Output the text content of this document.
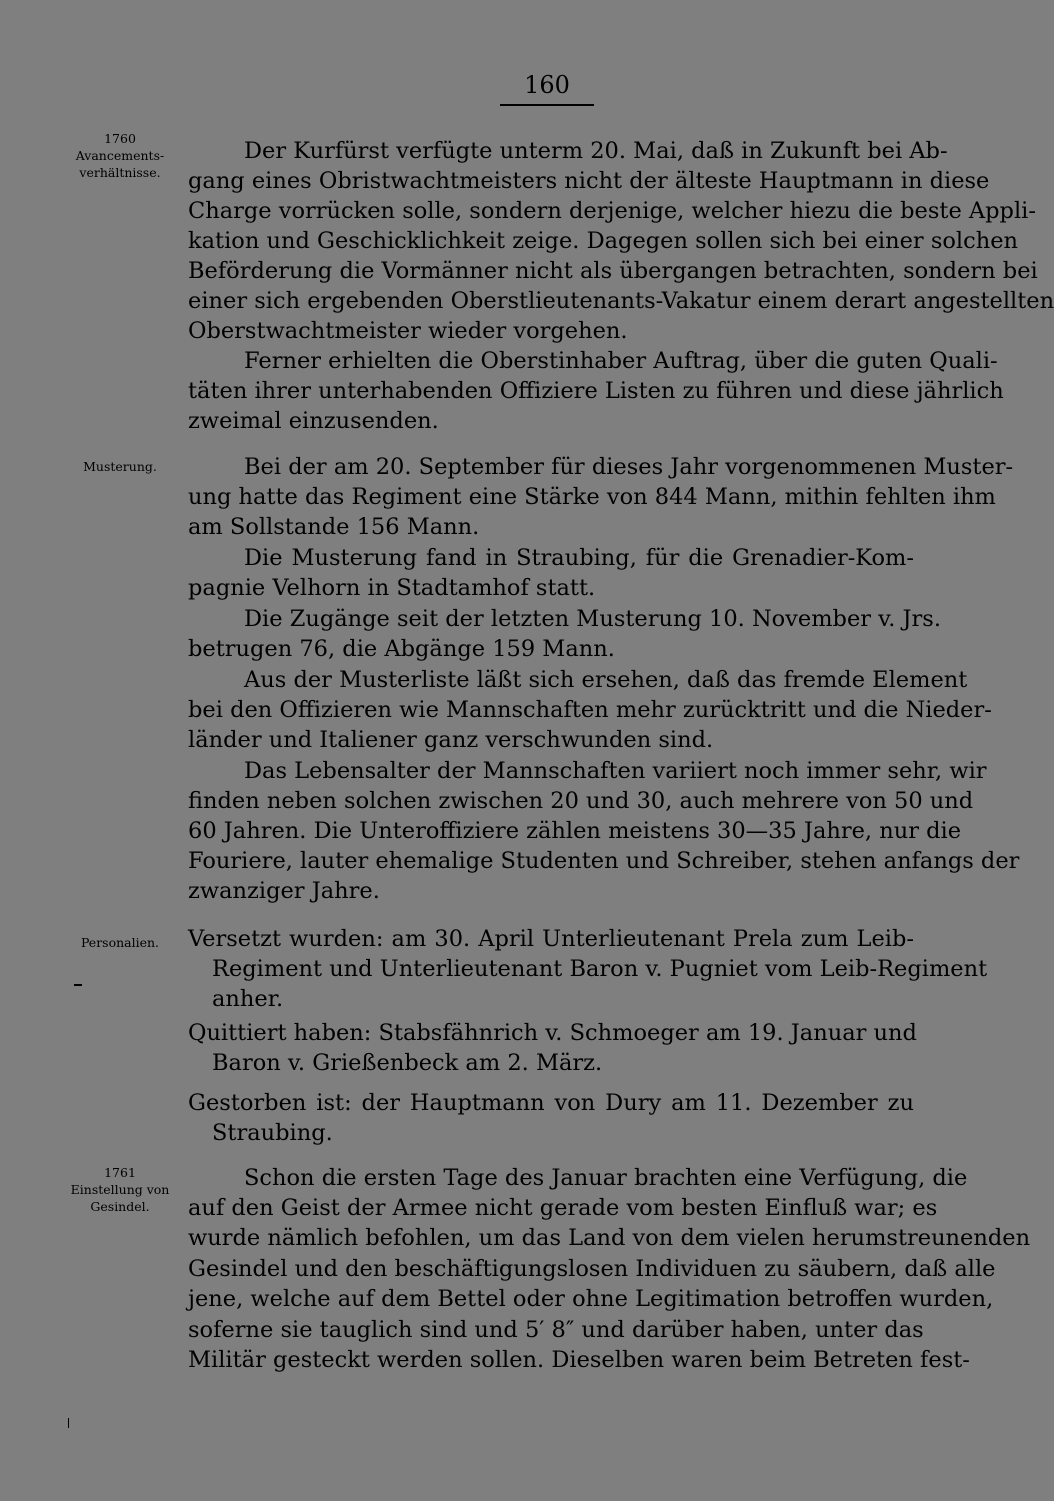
160
1760
Avancements-
verhältnisse.
Musterung.
Personalien.
1761
Einstellung von
Gesindel.
Der Kurfürst verfügte unterm 20. Mai, daß in Zukunft bei Ab-
gang eines Obristwachtmeisters nicht der älteste Hauptmann in diese
Charge vorrücken solle, sondern derjenige, welcher hiezu die beste Appli-
kation und Geschicklichkeit zeige. Dagegen sollen sich bei einer solchen
Beförderung die Vormänner nicht als übergangen betrachten, sondern bei
einer sich ergebenden Oberstlieutenants-Vakatur einem derart angestellten
Oberstwachtmeister wieder vorgehen.
Ferner erhielten die Oberstinhaber Auftrag, über die guten Quali-
täten ihrer unterhabenden Offiziere Listen zu führen und diese jährlich
zweimal einzusenden.
Bei der am 20. September für dieses Jahr vorgenommenen Muster-
ung hatte das Regiment eine Stärke von 844 Mann, mithin fehlten ihm
am Sollstande 156 Mann.
Die Musterung fand in Straubing, für die Grenadier-Kom-
pagnie Velhorn in Stadtamhof statt.
Die Zugänge seit der letzten Musterung 10. November v. Jrs.
betrugen 76, die Abgänge 159 Mann.
Aus der Musterliste läßt sich ersehen, daß das fremde Element
bei den Offizieren wie Mannschaften mehr zurücktritt und die Nieder-
länder und Italiener ganz verschwunden sind.
Das Lebensalter der Mannschaften variiert noch immer sehr, wir
finden neben solchen zwischen 20 und 30, auch mehrere von 50 und
60 Jahren. Die Unteroffiziere zählen meistens 30—35 Jahre, nur die
Fouriere, lauter ehemalige Studenten und Schreiber, stehen anfangs der
zwanziger Jahre.
Versetzt wurden: am 30. April Unterlieutenant Prela zum Leib-
Regiment und Unterlieutenant Baron v. Pugniet vom Leib-Regiment
anher.
Quittiert haben: Stabsfähnrich v. Schmoeger am 19. Januar und
Baron v. Grießenbeck am 2. März.
Gestorben ist: der Hauptmann von Dury am 11. Dezember zu
Straubing.
Schon die ersten Tage des Januar brachten eine Verfügung, die
auf den Geist der Armee nicht gerade vom besten Einfluß war; es
wurde nämlich befohlen, um das Land von dem vielen herumstreunenden
Gesindel und den beschäftigungslosen Individuen zu säubern, daß alle
jene, welche auf dem Bettel oder ohne Legitimation betroffen wurden,
soferne sie tauglich sind und 5′ 8″ und darüber haben, unter das
Militär gesteckt werden sollen. Dieselben waren beim Betreten fest-
